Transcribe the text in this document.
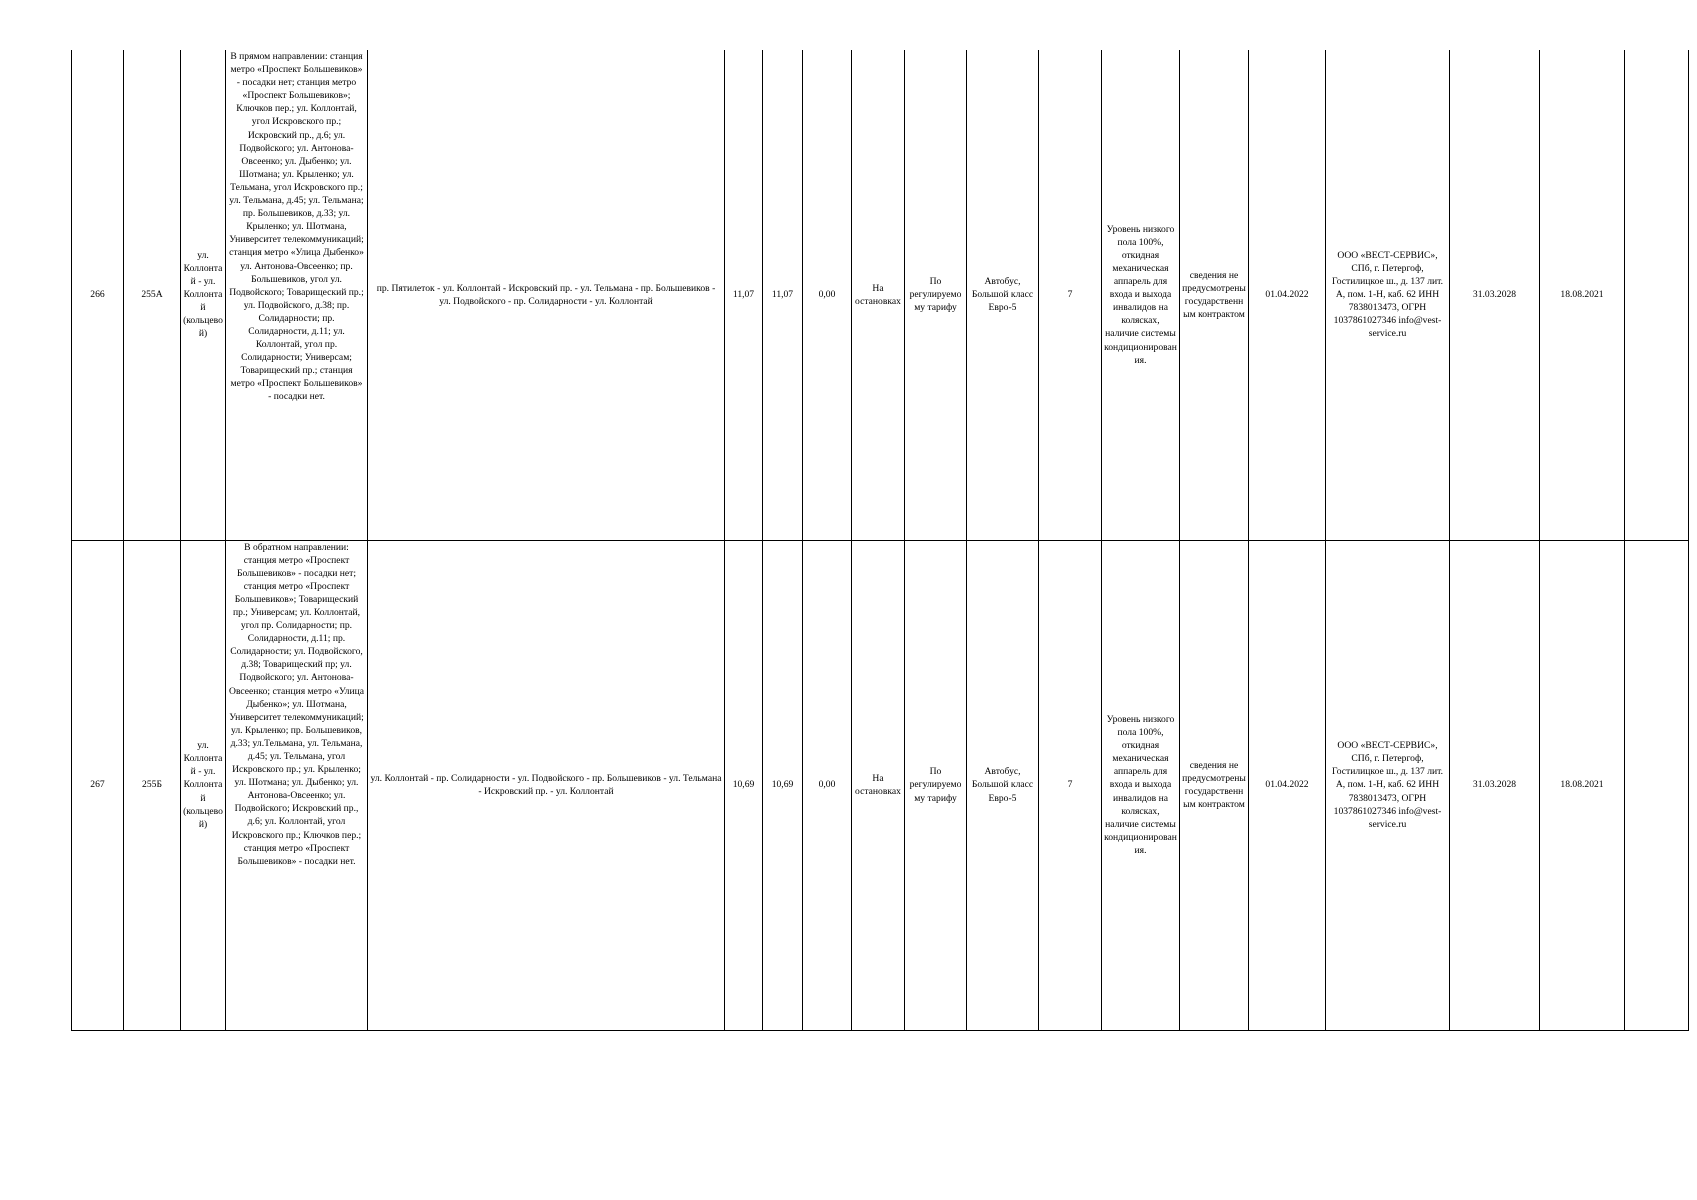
266	255А	ул. Коллонтай - ул. Коллонтай (кольцевой)	В прямом направлении: станция метро «Проспект Большевиков» - посадки нет; станция метро «Проспект Большевиков»; Ключков пер.; ул. Коллонтай, угол Искровского пр.; Искровский пр., д.6; ул. Подвойского; ул. Антонова-Овсеенко; ул. Дыбенко; ул. Шотмана; ул. Крыленко; ул. Тельмана, угол Искровского пр.; ул. Тельмана, д.45; ул. Тельмана; пр. Большевиков, д.33; ул. Крыленко; ул. Шотмана, Университет телекоммуникаций; станция метро «Улица Дыбенко» ул. Антонова-Овсеенко; пр. Большевиков, угол ул. Подвойского; Товарищеский пр.; ул. Подвойского, д.38; пр. Солидарности; пр. Солидарности, д.11; ул. Коллонтай, угол пр. Солидарности; Универсам; Товарищеский пр.; станция метро «Проспект Большевиков» - посадки нет.	пр. Пятилеток - ул. Коллонтай - Искровский пр. - ул. Тельмана - пр. Большевиков - ул. Подвойского - пр. Солидарности - ул. Коллонтай	11,07	11,07	0,00	На остановках	По регулируемому тарифу	Автобус, Большой класс Евро-5	7	Уровень низкого пола 100%, откидная механическая аппарель для входа и выхода инвалидов на колясках, наличие системы кондиционирования.	сведения не предусмотрены государственным контрактом	01.04.2022	ООО «ВЕСТ-СЕРВИС», СПб, г. Петергоф, Гостилицкое ш., д. 137 лит. А, пом. 1-Н, каб. 62 ИНН 7838013473, ОГРН 1037861027346 info@vest-service.ru	31.03.2028	18.08.2021	
267	255Б	ул. Коллонтай - ул. Коллонтай (кольцевой)	В обратном направлении: станция метро «Проспект Большевиков» - посадки нет; станция метро «Проспект Большевиков»; Товарищеский пр.; Универсам; ул. Коллонтай, угол пр. Солидарности; пр. Солидарности, д.11; пр. Солидарности; ул. Подвойского, д.38; Товарищеский пр; ул. Подвойского; ул. Антонова-Овсеенко; станция метро «Улица Дыбенко»; ул. Шотмана, Университет телекоммуникаций; ул. Крыленко; пр. Большевиков, д.33; ул.Тельмана, ул. Тельмана, д.45; ул. Тельмана, угол Искровского пр.; ул. Крыленко; ул. Шотмана; ул. Дыбенко; ул. Антонова-Овсеенко; ул. Подвойского; Искровский пр., д.6; ул. Коллонтай, угол Искровского пр.; Ключков пер.; станция метро «Проспект Большевиков» - посадки нет.	ул. Коллонтай - пр. Солидарности - ул. Подвойского - пр. Большевиков - ул. Тельмана - Искровский пр. - ул. Коллонтай	10,69	10,69	0,00	На остановках	По регулируемому тарифу	Автобус, Большой класс Евро-5	7	Уровень низкого пола 100%, откидная механическая аппарель для входа и выхода инвалидов на колясках, наличие системы кондиционирования.	сведения не предусмотрены государственным контрактом	01.04.2022	ООО «ВЕСТ-СЕРВИС», СПб, г. Петергоф, Гостилицкое ш., д. 137 лит. А, пом. 1-Н, каб. 62 ИНН 7838013473, ОГРН 1037861027346 info@vest-service.ru	31.03.2028	18.08.2021	
